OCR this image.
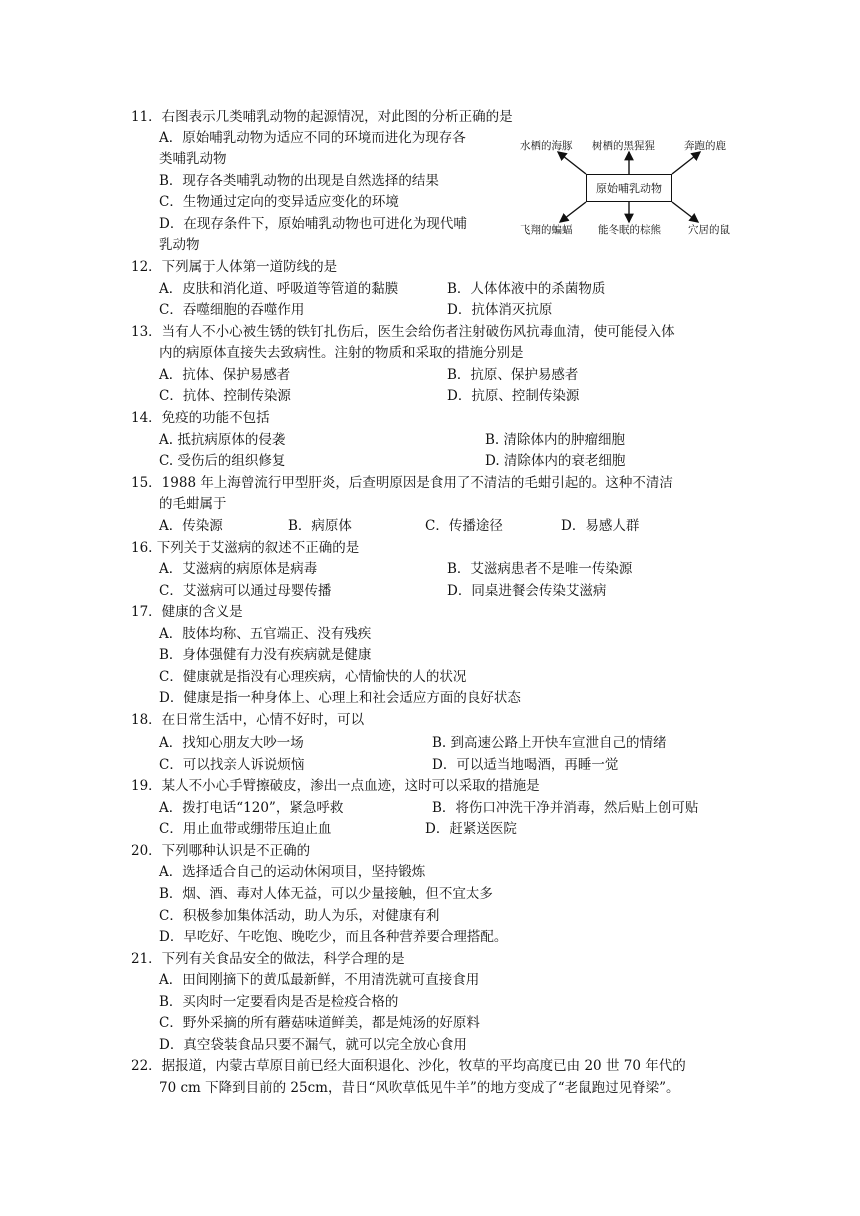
11．右图表示几类哺乳动物的起源情况，对此图的分析正确的是
A．原始哺乳动物为适应不同的环境而进化为现存各
类哺乳动物
B．现存各类哺乳动物的出现是自然选择的结果
C．生物通过定向的变异适应变化的环境
D．在现存条件下，原始哺乳动物也可进化为现代哺
乳动物
水栖的海豚 树栖的黑猩猩	奔跑的鹿
原始哺乳动物
飞翔的蝙蝠 能冬眠的棕熊	穴居的鼠
12．下列属于人体第一道防线的是
A．皮肤和消化道、呼吸道等管道的黏膜	B．人体体液中的杀菌物质
C．吞噬细胞的吞噬作用	D．抗体消灭抗原
13．当有人不小心被生锈的铁钉扎伤后，医生会给伤者注射破伤风抗毒血清，使可能侵入体
内的病原体直接失去致病性。注射的物质和采取的措施分别是
A．抗体、保护易感者	B．抗原、保护易感者
C．抗体、控制传染源	D．抗原、控制传染源
14．免疫的功能不包括
A. 抵抗病原体的侵袭	B. 清除体内的肿瘤细胞
C. 受伤后的组织修复	D. 清除体内的衰老细胞
15．1988 年上海曾流行甲型肝炎，后查明原因是食用了不清洁的毛蚶引起的。这种不清洁
的毛蚶属于
A．传染源	B．病原体	C．传播途径	D．易感人群
16. 下列关于艾滋病的叙述不正确的是
A．艾滋病的病原体是病毒	B．艾滋病患者不是唯一传染源
C．艾滋病可以通过母婴传播	D．同桌进餐会传染艾滋病
17．健康的含义是
A．肢体均称、五官端正、没有残疾
B．身体强健有力没有疾病就是健康
C．健康就是指没有心理疾病，心情愉快的人的状况
D．健康是指一种身体上、心理上和社会适应方面的良好状态
18．在日常生活中，心情不好时，可以
A．找知心朋友大吵一场	B. 到高速公路上开快车宣泄自己的情绪
C．可以找亲人诉说烦恼	D．可以适当地喝酒，再睡一觉
19．某人不小心手臂擦破皮，渗出一点血迹，这时可以采取的措施是
A．拨打电话“120”，紧急呼救	B．将伤口冲洗干净并消毒，然后贴上创可贴
C．用止血带或绷带压迫止血	D．赶紧送医院
20．下列哪种认识是不正确的
A．选择适合自己的运动休闲项目，坚持锻炼
B．烟、酒、毒对人体无益，可以少量接触，但不宜太多
C．积极参加集体活动，助人为乐，对健康有利
D．早吃好、午吃饱、晚吃少，而且各种营养要合理搭配。
21．下列有关食品安全的做法，科学合理的是
A．田间刚摘下的黄瓜最新鲜，不用清洗就可直接食用
B．买肉时一定要看肉是否是检疫合格的
C．野外采摘的所有蘑菇味道鲜美，都是炖汤的好原料
D．真空袋装食品只要不漏气，就可以完全放心食用
22．据报道，内蒙古草原目前已经大面积退化、沙化，牧草的平均高度已由 20 世 70 年代的
70 cm 下降到目前的 25cm，昔日“风吹草低见牛羊”的地方变成了“老鼠跑过见脊梁”。
